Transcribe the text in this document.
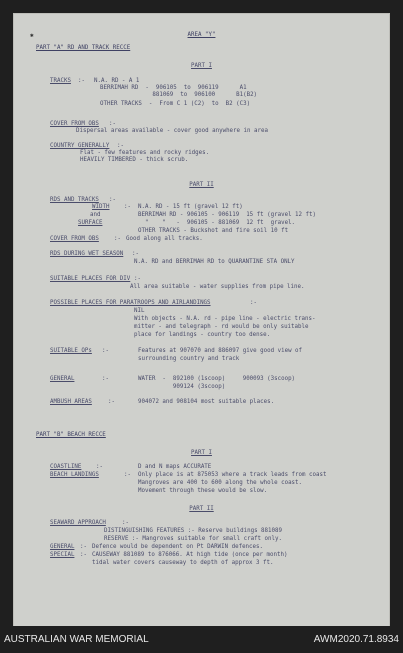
✱	AREA "Y"
PART "A" RD AND TRACK RECCE
PART I
TRACKS :- N.A. RD - A 1
BERRIMAH RD  -  906105  to  906119      A1
881069  to  906100      B1(B2)
OTHER TRACKS  -  From C 1 (C2)  to  B2 (C3)
COVER FROM OBS :-
Dispersal areas available - cover good anywhere in area
COUNTRY GENERALLY :-
Flat - few features and rocky ridges.
HEAVILY TIMBERED - thick scrub.
PART II
RDS AND TRACKS :-
WIDTH	:- N.A. RD - 15 ft (gravel 12 ft)
and	BERRIMAH RD - 906105 - 906119  15 ft (gravel 12 ft)
SURFACE	"    "   -  906105 - 881069  12 ft  gravel.
OTHER TRACKS - Buckshot and fire soil 10 ft
COVER FROM OBS	:- Good along all tracks.
RDS DURING WET SEASON :-
N.A. RD and BERRIMAH RD to QUARANTINE STA ONLY
SUITABLE PLACES FOR DIV :-
All area suitable - water supplies from pipe line.
POSSIBLE PLACES FOR PARATROOPS AND AIRLANDINGS	:-
NIL
With objects - N.A. rd - pipe line - electric trans-
mitter - and telegraph - rd would be only suitable
place for landings - country too dense.
SUITABLE OPs :-	Features at 907070 and 886097 give good view of
surrounding country and track
GENERAL	:-	WATER  -  892100 (1scoop)     900093 (3scoop)
909124 (3scoop)
AMBUSH AREAS	:-	904072 and 908104 most suitable places.
PART "B" BEACH RECCE
PART I
COASTLINE	:-	D and N maps ACCURATE
BEACH LANDINGS	:- Only place is at 875053 where a track leads from coast
Mangroves are 400 to 600 along the whole coast.
Movement through these would be slow.
PART II
SEAWARD APPROACH	:-
DISTINGUISHING FEATURES :- Reserve buildings 881089
RESERVE :- Mangroves suitable for small craft only.
GENERAL :- Defence would be dependent on Pt DARWIN defences.
SPECIAL :- CAUSEWAY 881089 to 876066. At high tide (once per month)
tidal water covers causeway to depth of approx 3 ft.
AUSTRALIAN WAR MEMORIAL	AWM2020.71.8934
